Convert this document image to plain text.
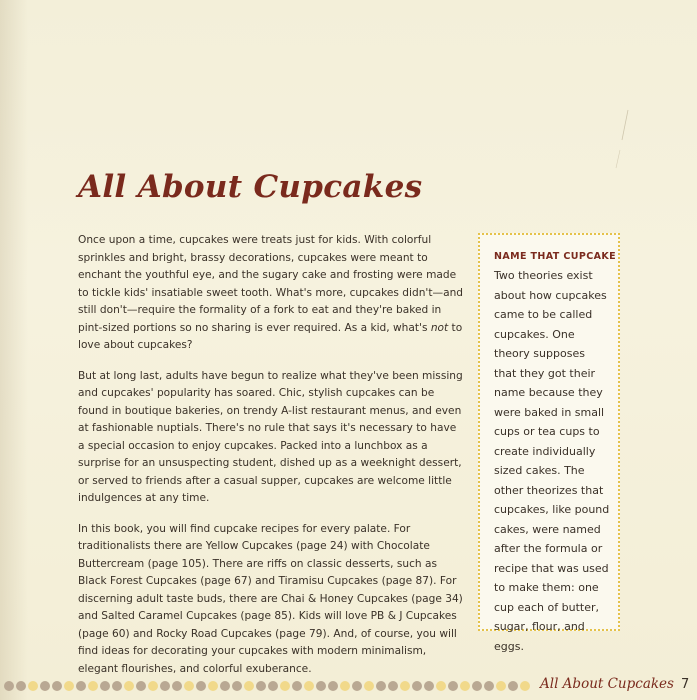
All About Cupcakes

Once upon a time, cupcakes were treats just for kids. With colorful sprinkles and bright, brassy decorations, cupcakes were meant to enchant the youthful eye, and the sugary cake and frosting were made to tickle kids' insatiable sweet tooth. What's more, cupcakes didn't—and still don't—require the formality of a fork to eat and they're baked in pint-sized portions so no sharing is ever required. As a kid, what's not to love about cupcakes?

But at long last, adults have begun to realize what they've been missing and cupcakes' popularity has soared. Chic, stylish cupcakes can be found in boutique bakeries, on trendy A-list restaurant menus, and even at fashionable nuptials. There's no rule that says it's necessary to have a special occasion to enjoy cupcakes. Packed into a lunchbox as a surprise for an unsuspecting student, dished up as a weeknight dessert, or served to friends after a casual supper, cupcakes are welcome little indulgences at any time.

In this book, you will find cupcake recipes for every palate. For traditionalists there are Yellow Cupcakes (page 24) with Chocolate Buttercream (page 105). There are riffs on classic desserts, such as Black Forest Cupcakes (page 67) and Tiramisu Cupcakes (page 87). For discerning adult taste buds, there are Chai & Honey Cupcakes (page 34) and Salted Caramel Cupcakes (page 85). Kids will love PB & J Cupcakes (page 60) and Rocky Road Cupcakes (page 79). And, of course, you will find ideas for decorating your cupcakes with modern minimalism, elegant flourishes, and colorful exuberance.

NAME THAT CUPCAKE

Two theories exist about how cupcakes came to be called cupcakes. One theory supposes that they got their name because they were baked in small cups or tea cups to create individually sized cakes. The other theorizes that cupcakes, like pound cakes, were named after the formula or recipe that was used to make them: one cup each of butter, sugar, flour, and eggs.

All About Cupcakes 7
